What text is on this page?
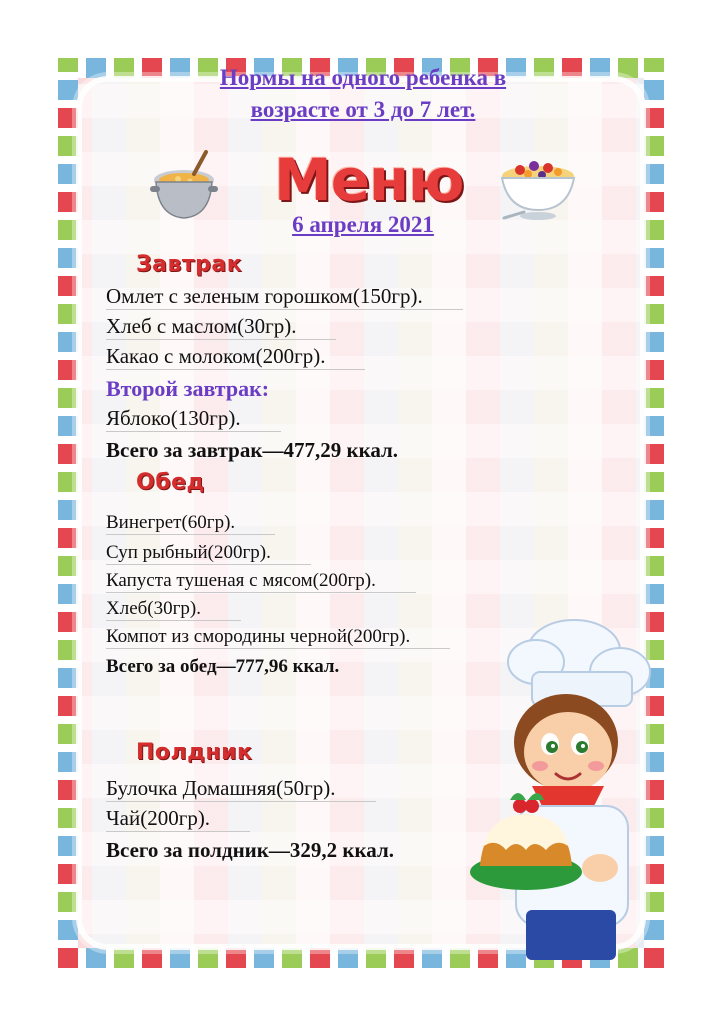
Нормы на одного ребенка в
возрасте от 3 до 7 лет.
Меню
6 апреля 2021
Завтрак
Омлет с зеленым горошком(150гр).
Хлеб с маслом(30гр).
Какао с молоком(200гр).
Второй завтрак:
Яблоко(130гр).
Всего за завтрак—477,29 ккал.
Обед
Винегрет(60гр).
Суп рыбный(200гр).
Капуста тушеная с мясом(200гр).
Хлеб(30гр).
Компот из смородины черной(200гр).
Всего за обед—777,96 ккал.
Полдник
Булочка Домашняя(50гр).
Чай(200гр).
Всего за полдник—329,2 ккал.
